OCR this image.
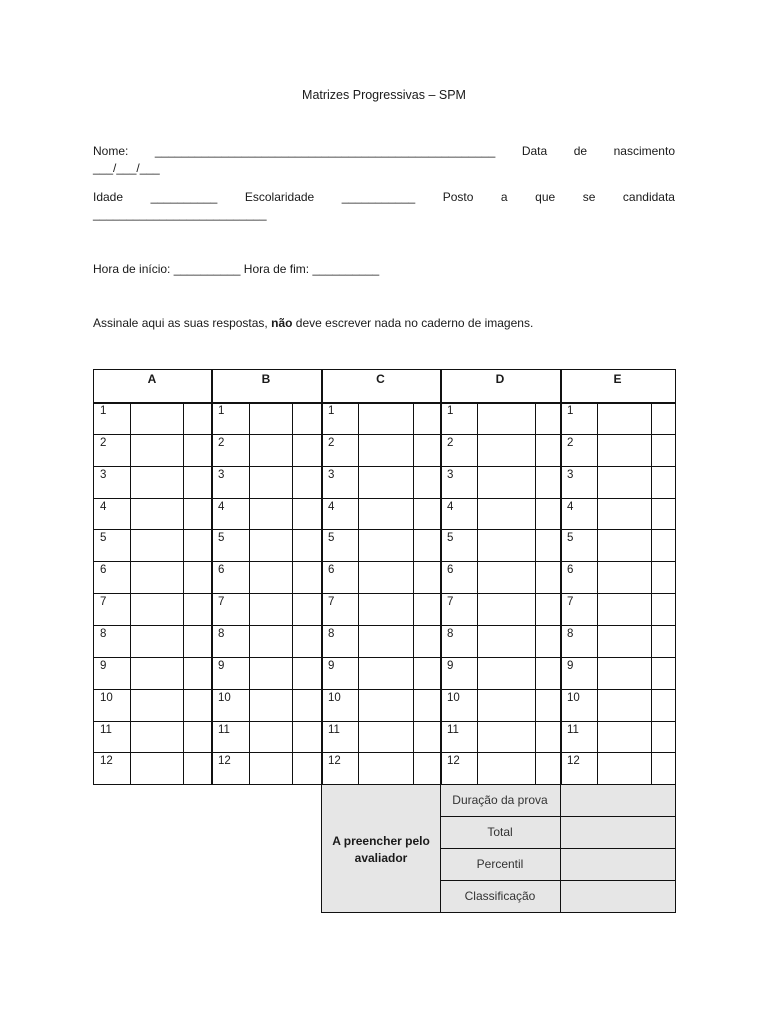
Matrizes Progressivas – SPM
Nome: ___________________________________________________ Data de nascimento
___/___/___
Idade __________ Escolaridade ___________ Posto a que se candidata
__________________________
Hora de início: __________ Hora de fim: __________
Assinale aqui as suas respostas, não deve escrever nada no caderno de imagens.
A
1
2
3
4
5
6
7
8
9
10
11
12
B
1
2
3
4
5
6
7
8
9
10
11
12
C
1
2
3
4
5
6
7
8
9
10
11
12
D
1
2
3
4
5
6
7
8
9
10
11
12
E
1
2
3
4
5
6
7
8
9
10
11
12
A preencher pelo avaliador
Duração da prova
Total
Percentil
Classificação
